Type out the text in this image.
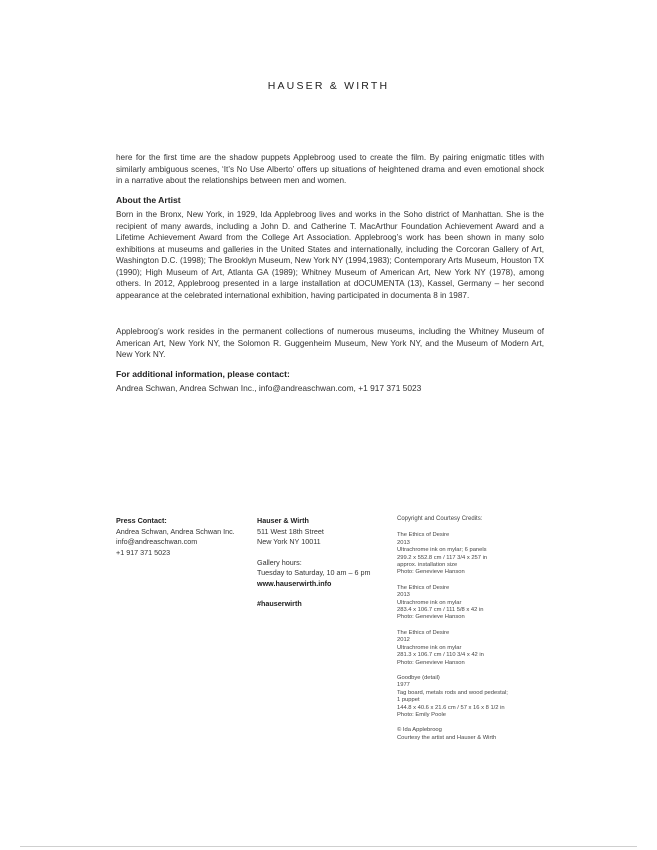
HAUSER & WIRTH
here for the first time are the shadow puppets Applebroog used to create the film. By pairing enigmatic titles with similarly ambiguous scenes, ‘It’s No Use Alberto’ offers up situations of heightened drama and even emotional shock in a narrative about the relationships between men and women.
About the Artist
Born in the Bronx, New York, in 1929, Ida Applebroog lives and works in the Soho district of Manhattan. She is the recipient of many awards, including a John D. and Catherine T. MacArthur Foundation Achievement Award and a Lifetime Achievement Award from the College Art Association. Applebroog’s work has been shown in many solo exhibitions at museums and galleries in the United States and internationally, including the Corcoran Gallery of Art, Washington D.C. (1998); The Brooklyn Museum, New York NY (1994,1983); Contemporary Arts Museum, Houston TX (1990); High Museum of Art, Atlanta GA (1989); Whitney Museum of American Art, New York NY (1978), among others. In 2012, Applebroog presented in a large installation at dOCUMENTA (13), Kassel, Germany – her second appearance at the celebrated international exhibition, having participated in documenta 8 in 1987.
Applebroog’s work resides in the permanent collections of numerous museums, including the Whitney Museum of American Art, New York NY, the Solomon R. Guggenheim Museum, New York NY, and the Museum of Modern Art, New York NY.
For additional information, please contact:
Andrea Schwan, Andrea Schwan Inc., info@andreaschwan.com, +1 917 371 5023
Press Contact:
Andrea Schwan, Andrea Schwan Inc.
info@andreaschwan.com
+1 917 371 5023
Hauser & Wirth
511 West 18th Street
New York NY 10011
Gallery hours:
Tuesday to Saturday, 10 am – 6 pm
www.hauserwirth.info
#hauserwirth
Copyright and Courtesy Credits:
The Ethics of Desire
2013
Ultrachrome ink on mylar; 6 panels
299.2 x 552.8 cm / 117 3/4 x 257 in
approx. installation size
Photo: Genevieve Hanson
The Ethics of Desire
2013
Ultrachrome ink on mylar
283.4 x 106.7 cm / 111 5/8 x 42 in
Photo: Genevieve Hanson
The Ethics of Desire
2012
Ultrachrome ink on mylar
281.3 x 106.7 cm / 110 3/4 x 42 in
Photo: Genevieve Hanson
Goodbye (detail)
1977
Tag board, metals rods and wood pedestal;
1 puppet
144.8 x 40.6 x 21.6 cm / 57 x 16 x 8 1/2 in
Photo: Emily Poole
© Ida Applebroog
Courtesy the artist and Hauser & Wirth
